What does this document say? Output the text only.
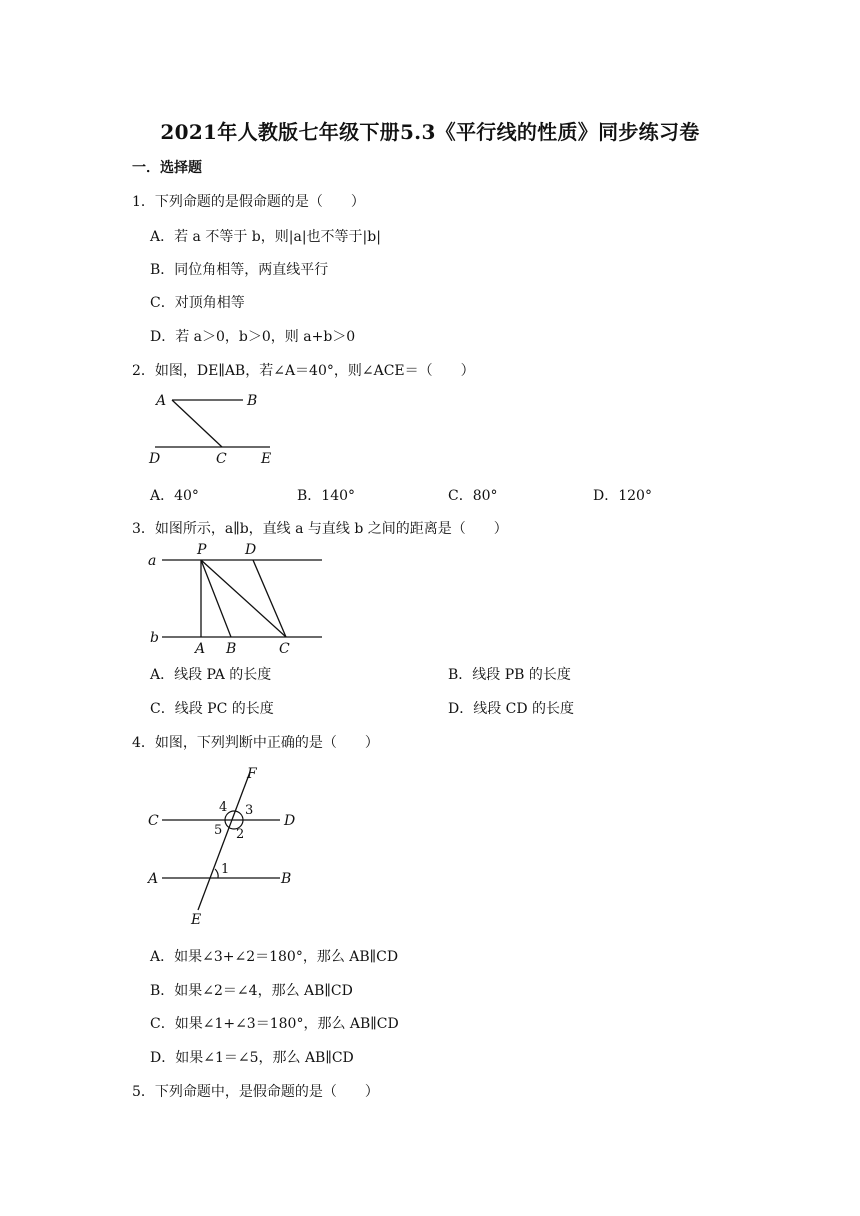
2021年人教版七年级下册5.3《平行线的性质》同步练习卷
一．选择题
1．下列命题的是假命题的是（　　）
A．若 a 不等于 b，则|a|也不等于|b|
B．同位角相等，两直线平行
C．对顶角相等
D．若 a＞0，b＞0，则 a+b＞0
2．如图，DE∥AB，若∠A＝40°，则∠ACE＝（　　）
A	B
D	C E
A．40°	B．140°	C．80°	D．120°
3．如图所示，a∥b，直线 a 与直线 b 之间的距离是（　　）
a
b
P	D
A B	C
A．线段 PA 的长度	B．线段 PB 的长度
C．线段 PC 的长度	D．线段 CD 的长度
4．如图，下列判断中正确的是（　　）
F
C	D
A	B
E
4 3
5 2
1
A．如果∠3+∠2＝180°，那么 AB∥CD
B．如果∠2＝∠4，那么 AB∥CD
C．如果∠1+∠3＝180°，那么 AB∥CD
D．如果∠1＝∠5，那么 AB∥CD
5．下列命题中，是假命题的是（　　）
